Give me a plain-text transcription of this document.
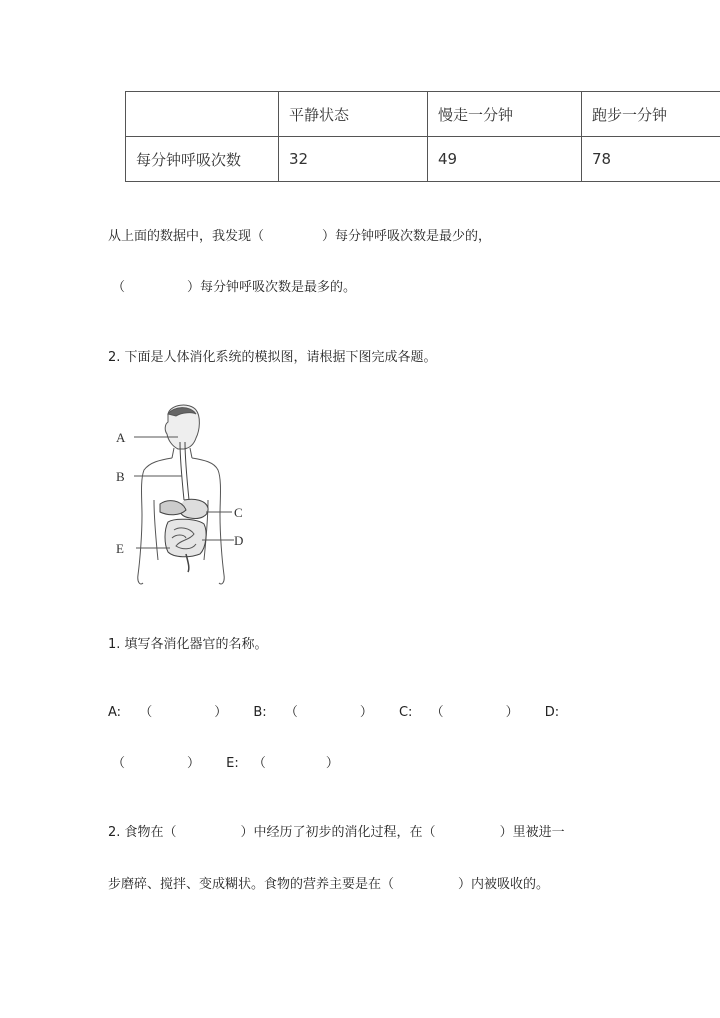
	平静状态	慢走一分钟	跑步一分钟
每分钟呼吸次数	32	49	78
从上面的数据中，我发现（	）每分钟呼吸次数是最少的，
（	）每分钟呼吸次数是最多的。
2. 下面是人体消化系统的模拟图，请根据下图完成各题。
A
B
C
D
E
1. 填写各消化器官的名称。
A: （	） B: （	） C: （	） D:
（	） E: （	）
2. 食物在（	）中经历了初步的消化过程，在（	）里被进一
步磨碎、搅拌、变成糊状。食物的营养主要是在（	）内被吸收的。
